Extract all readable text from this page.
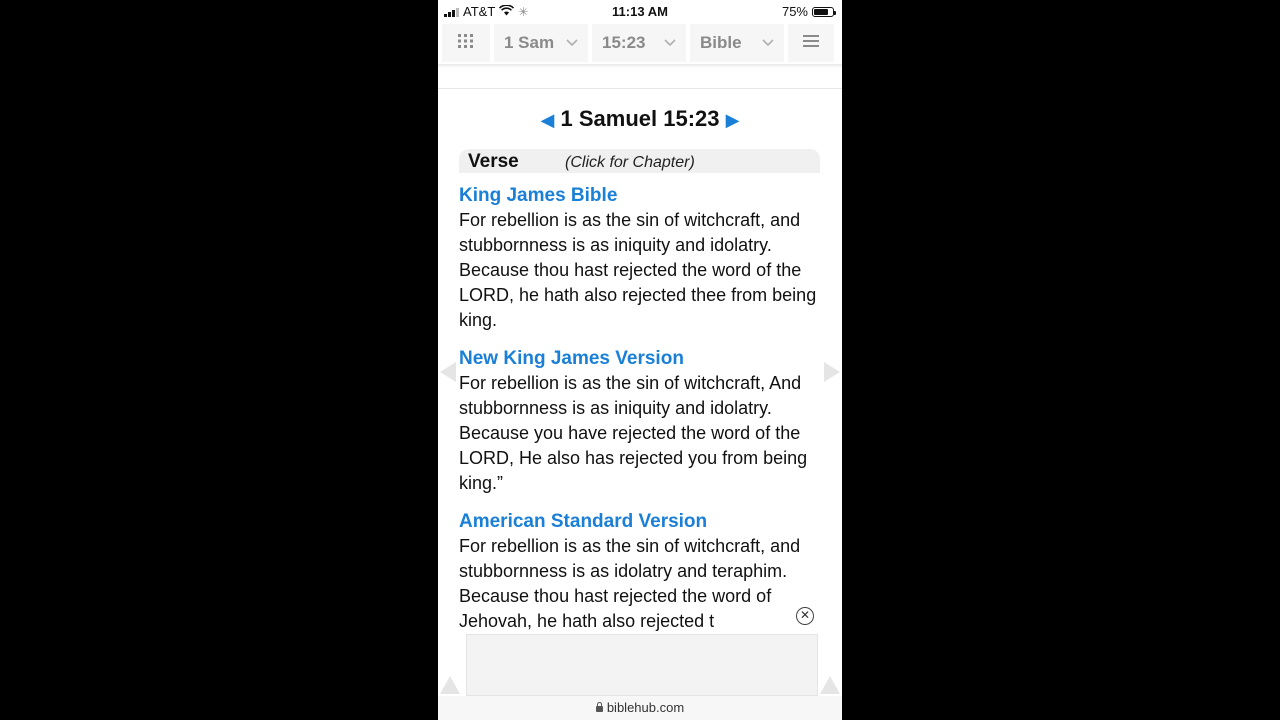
AT&T ✳	11:13 AM	75%
1 Sam	15:23	Bible
◀ 1 Samuel 15:23 ▶
Verse	(Click for Chapter)
King James Bible
For rebellion is as the sin of witchcraft, and stubbornness is as iniquity and idolatry. Because thou hast rejected the word of the LORD, he hath also rejected thee from being king.
New King James Version
For rebellion is as the sin of witchcraft, And stubbornness is as iniquity and idolatry. Because you have rejected the word of the LORD, He also has rejected you from being king.”
American Standard Version
For rebellion is as the sin of witchcraft, and stubbornness is as idolatry and teraphim. Because thou hast rejected the word of Jehovah, he hath also rejected t	✕
biblehub.com
